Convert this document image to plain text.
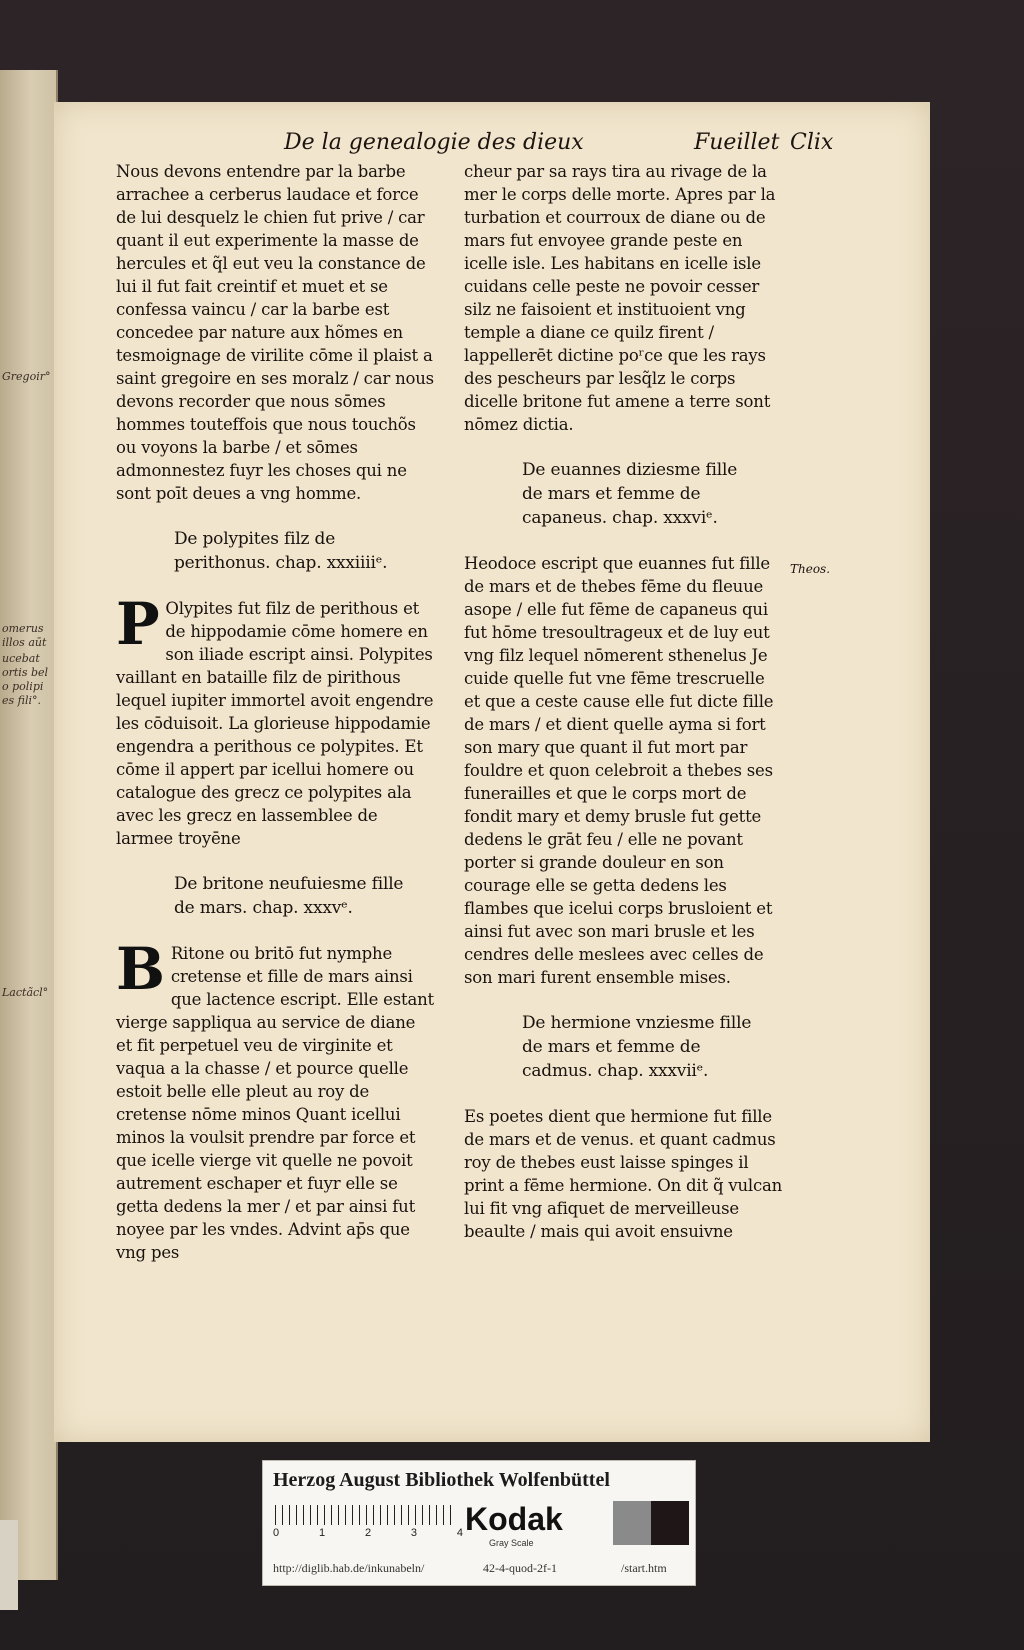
Gregoir°
omerus
illos aūt
ucebat
ortis bel
o polipi
es fili°.
Lactãcl°
De la genealogie des dieux	Fueillet Clix

Nous devons entendre par la barbe arrachee a cerberus laudace et force de lui desquelz le chien fut prive / car quant il eut experimente la masse de hercules et q̃l eut veu la constance de lui il fut fait creintif et muet et se confessa vaincu / car la barbe est concedee par nature aux hõmes en tesmoignage de virilite cōme il plaist a saint gregoire en ses moralz / car nous devons recorder que nous sōmes hommes touteffois que nous touchõs ou voyons la barbe / et sōmes admonnestez fuyr les choses qui ne sont poīt deues a vng homme.

De polypites filz de perithonus. chap. xxxiiiiᵉ.

P Olypites fut filz de perithous et de hippodamie cōme homere en son iliade escript ainsi. Polypites vaillant en bataille filz de pirithous lequel iupiter immortel avoit engendre les cōduisoit. La glorieuse hippodamie engendra a perithous ce polypites. Et cōme il appert par icellui homere ou catalogue des grecz ce polypites ala avec les grecz en lassemblee de larmee troyēne

De britone neufuiesme fille de mars. chap. xxxvᵉ.

B Ritone ou britō fut nymphe cretense et fille de mars ainsi que lactence escript. Elle estant vierge sappliqua au service de diane et fit perpetuel veu de virginite et vaqua a la chasse / et pource quelle estoit belle elle pleut au roy de cretense nōme minos Quant icellui minos la voulsit prendre par force et que icelle vierge vit quelle ne povoit autrement eschaper et fuyr elle se getta dedens la mer / et par ainsi fut noyee par les vndes. Advint ap̄s que vng pes

cheur par sa rays tira au rivage de la mer le corps delle morte. Apres par la turbation et courroux de diane ou de mars fut envoyee grande peste en icelle isle. Les habitans en icelle isle cuidans celle peste ne povoir cesser silz ne faisoient et instituoient vng temple a diane ce quilz firent / lappellerēt dictine poʳce que les rays des pescheurs par lesq̃lz le corps dicelle britone fut amene a terre sont nōmez dictia.

De euannes diziesme fille de mars et femme de capaneus. chap. xxxviᵉ.

Heodoce escript que euannes fut fille de mars et de thebes fēme du fleuue asope / elle fut fēme de capaneus qui fut hōme tresoultrageux et de luy eut vng filz lequel nōmerent sthenelus Je cuide quelle fut vne fēme trescruelle et que a ceste cause elle fut dicte fille de mars / et dient quelle ayma si fort son mary que quant il fut mort par fouldre et quon celebroit a thebes ses funerailles et que le corps mort de fondit mary et demy brusle fut gette dedens le grāt feu / elle ne povant porter si grande douleur en son courage elle se getta dedens les flambes que icelui corps brusloient et ainsi fut avec son mari brusle et les cendres delle meslees avec celles de son mari furent ensemble mises.

De hermione vnziesme fille de mars et femme de cadmus. chap. xxxviiᵉ.

Es poetes dient que hermione fut fille de mars et de venus. et quant cadmus roy de thebes eust laisse spinges il print a fēme hermione. On dit q̃ vulcan lui fit vng afiquet de merveilleuse beaulte / mais qui avoit ensuivne

Theos.
Herzog August Bibliothek Wolfenbüttel
0	1	2	3	4 Kodak
Gray Scale
http://diglib.hab.de/inkunabeln/	42-4-quod-2f-1	/start.htm
